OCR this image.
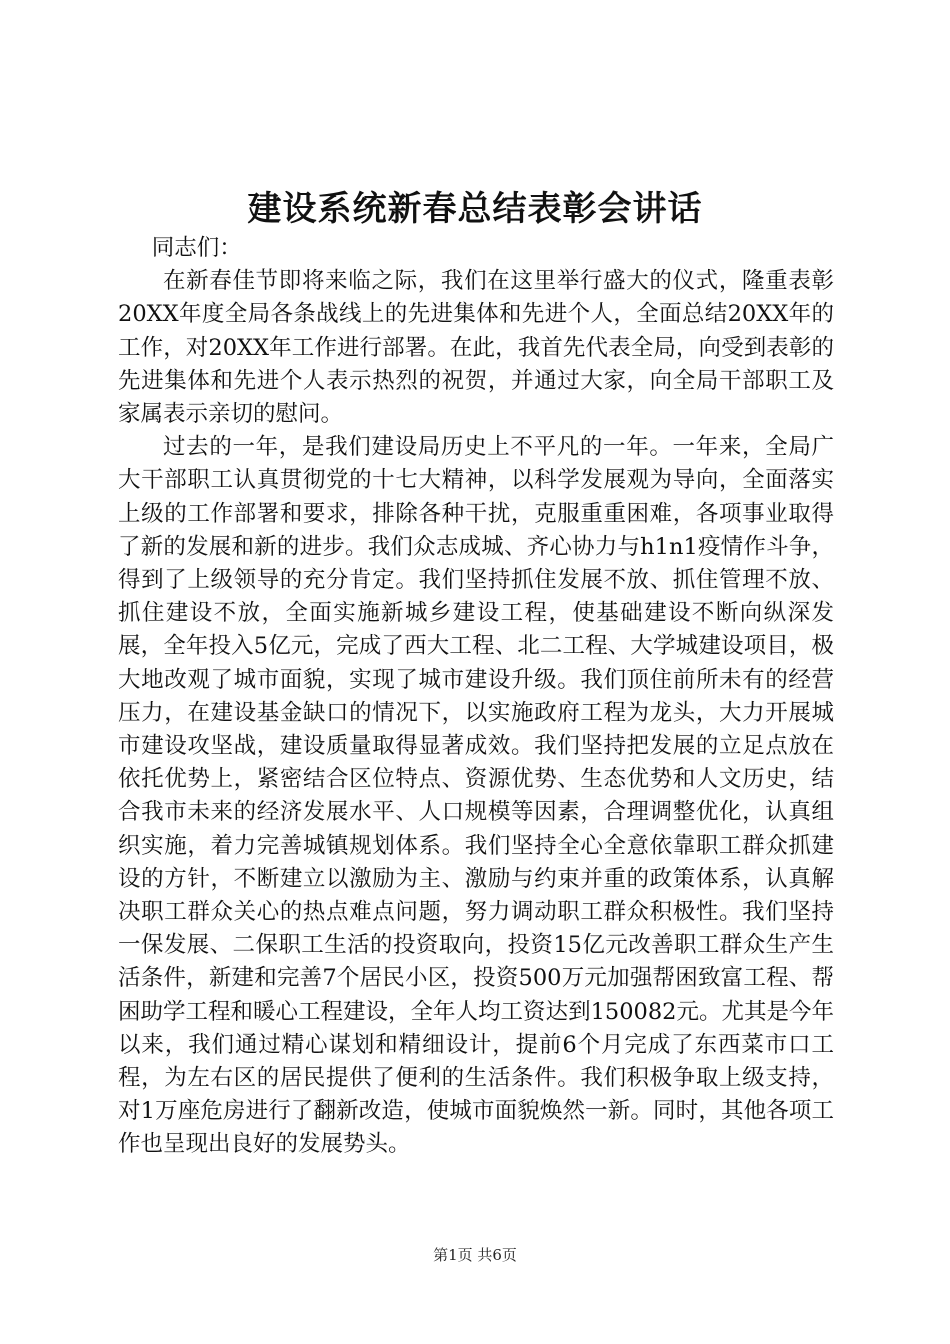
建设系统新春总结表彰会讲话

同志们：

在新春佳节即将来临之际，我们在这里举行盛大的仪式，隆重表彰20XX年度全局各条战线上的先进集体和先进个人，全面总结20XX年的工作，对20XX年工作进行部署。在此，我首先代表全局，向受到表彰的先进集体和先进个人表示热烈的祝贺，并通过大家，向全局干部职工及家属表示亲切的慰问。

过去的一年，是我们建设局历史上不平凡的一年。一年来，全局广大干部职工认真贯彻党的十七大精神，以科学发展观为导向，全面落实上级的工作部署和要求，排除各种干扰，克服重重困难，各项事业取得了新的发展和新的进步。我们众志成城、齐心协力与h1n1疫情作斗争，得到了上级领导的充分肯定。我们坚持抓住发展不放、抓住管理不放、抓住建设不放，全面实施新城乡建设工程，使基础建设不断向纵深发展，全年投入5亿元，完成了西大工程、北二工程、大学城建设项目，极大地改观了城市面貌，实现了城市建设升级。我们顶住前所未有的经营压力，在建设基金缺口的情况下，以实施政府工程为龙头，大力开展城市建设攻坚战，建设质量取得显著成效。我们坚持把发展的立足点放在依托优势上，紧密结合区位特点、资源优势、生态优势和人文历史，结合我市未来的经济发展水平、人口规模等因素，合理调整优化，认真组织实施，着力完善城镇规划体系。我们坚持全心全意依靠职工群众抓建设的方针，不断建立以激励为主、激励与约束并重的政策体系，认真解决职工群众关心的热点难点问题，努力调动职工群众积极性。我们坚持一保发展、二保职工生活的投资取向，投资15亿元改善职工群众生产生活条件，新建和完善7个居民小区，投资500万元加强帮困致富工程、帮困助学工程和暖心工程建设，全年人均工资达到150082元。尤其是今年以来，我们通过精心谋划和精细设计，提前6个月完成了东西菜市口工程，为左右区的居民提供了便利的生活条件。我们积极争取上级支持，对1万座危房进行了翻新改造，使城市面貌焕然一新。同时，其他各项工作也呈现出良好的发展势头。

第1页 共6页
